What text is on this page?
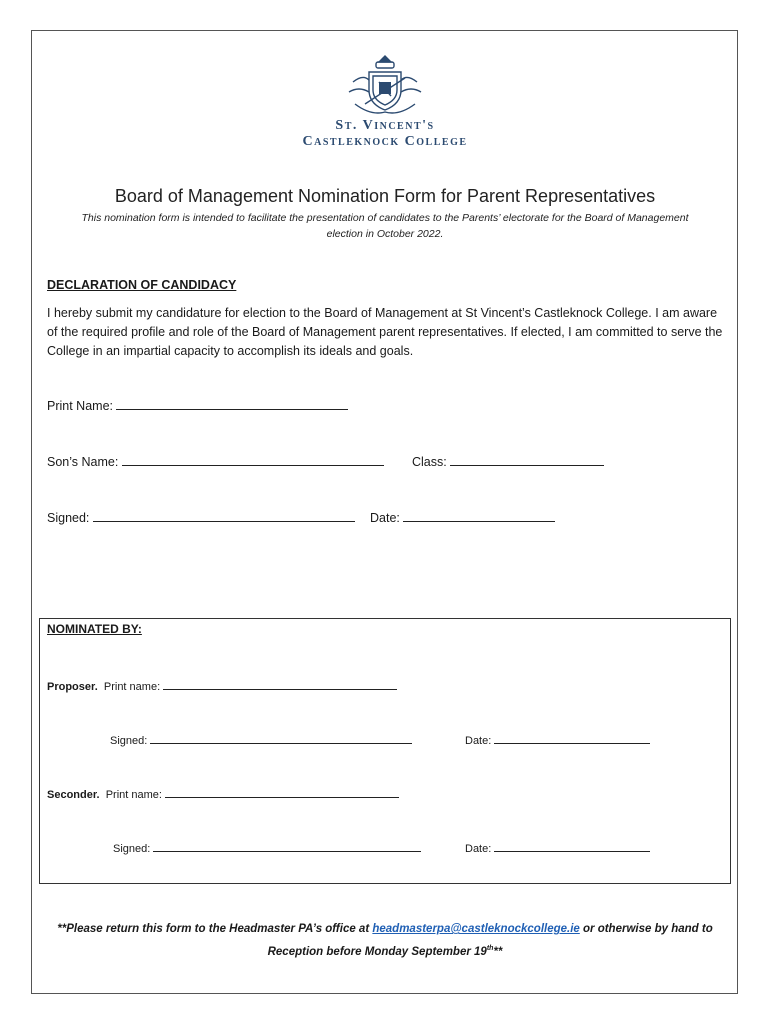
St. Vincent's
Castleknock College
Board of Management Nomination Form for Parent Representatives
This nomination form is intended to facilitate the presentation of candidates to the Parents’ electorate for the Board of Management election in October 2022.
DECLARATION OF CANDIDACY
I hereby submit my candidature for election to the Board of Management at St Vincent’s Castleknock College. I am aware of the required profile and role of the Board of Management parent representatives. If elected, I am committed to serve the College in an impartial capacity to accomplish its ideals and goals.
Print Name:
Son’s Name:	Class:
Signed:	Date:
NOMINATED BY:
Proposer. Print name:
Signed:	Date:
Seconder. Print name:
Signed:	Date:
**Please return this form to the Headmaster PA’s office at headmasterpa@castleknockcollege.ie or otherwise by hand to Reception before Monday September 19th**
